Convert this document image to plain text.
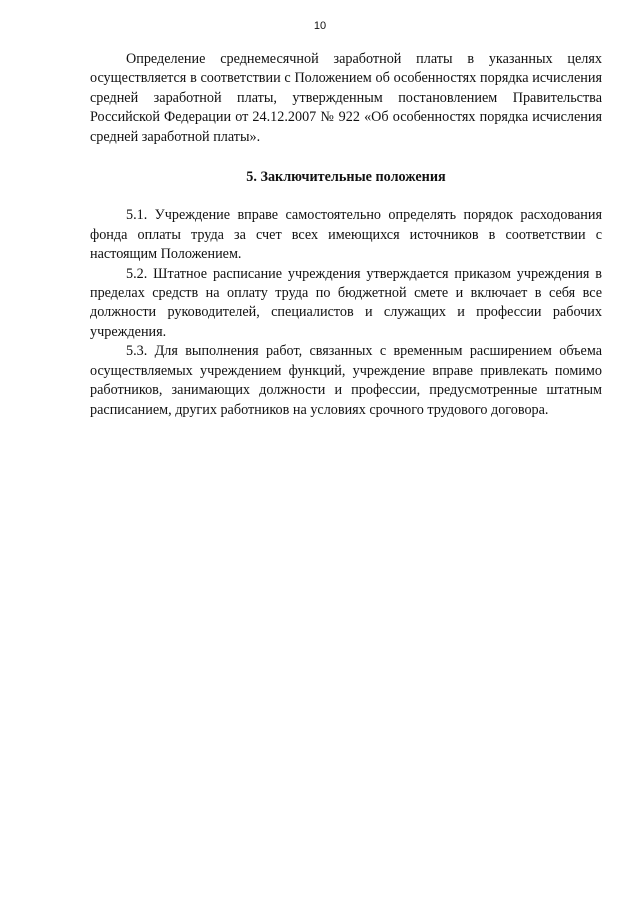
10

Определение среднемесячной заработной платы в указанных целях осуществляется в соответствии с Положением об особенностях порядка исчисления средней заработной платы, утвержденным постановлением Правительства Российской Федерации от 24.12.2007 № 922 «Об особенностях порядка исчисления средней заработной платы».

5. Заключительные положения

5.1. Учреждение вправе самостоятельно определять порядок расходования фонда оплаты труда за счет всех имеющихся источников в соответствии с настоящим Положением.

5.2. Штатное расписание учреждения утверждается приказом учреждения в пределах средств на оплату труда по бюджетной смете и включает в себя все должности руководителей, специалистов и служащих и профессии рабочих учреждения.

5.3. Для выполнения работ, связанных с временным расширением объема осуществляемых учреждением функций, учреждение вправе привлекать помимо работников, занимающих должности и профессии, предусмотренные штатным расписанием, других работников на условиях срочного трудового договора.
